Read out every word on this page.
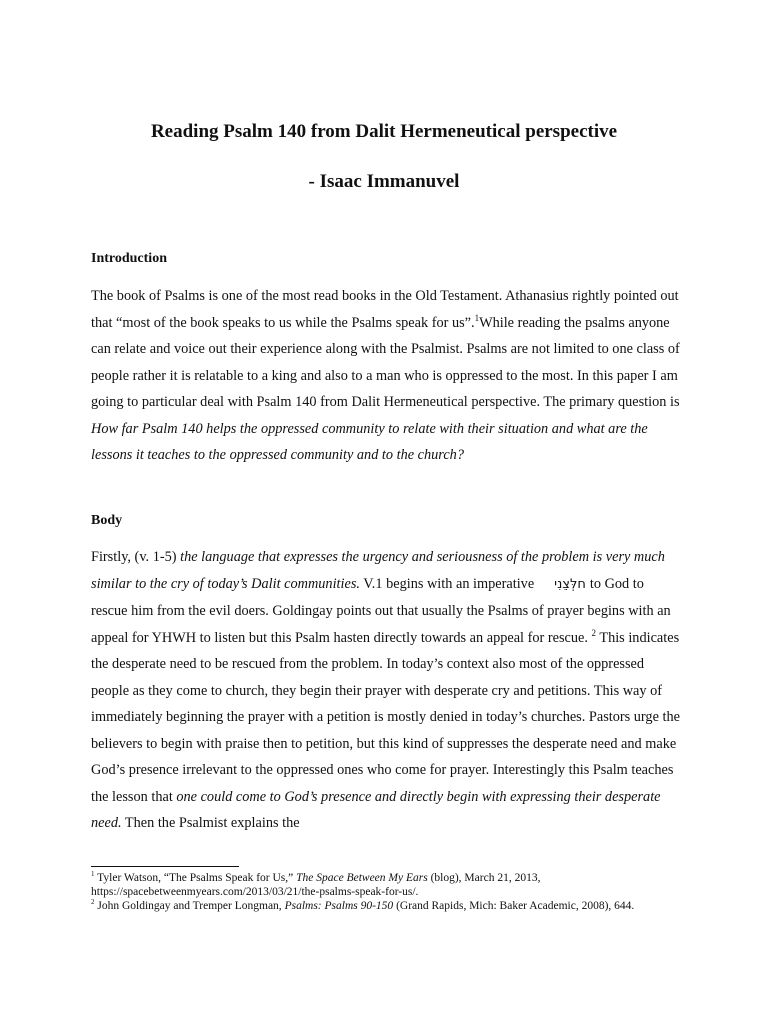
Reading Psalm 140 from Dalit Hermeneutical perspective
- Isaac Immanuvel
Introduction

The book of Psalms is one of the most read books in the Old Testament. Athanasius rightly pointed out that “most of the book speaks to us while the Psalms speak for us”.$^1$While reading the psalms anyone can relate and voice out their experience along with the Psalmist. Psalms are not limited to one class of people rather it is relatable to a king and also to a man who is oppressed to the most. In this paper I am going to particular deal with Psalm 140 from Dalit Hermeneutical perspective. The primary question is How far Psalm 140 helps the oppressed community to relate with their situation and what are the lessons it teaches to the oppressed community and to the church?

Body

Firstly, (v. 1-5) the language that expresses the urgency and seriousness of the problem is very much similar to the cry of today’s Dalit communities. V.1 begins with an imperative חלְּצֵנִי to God to rescue him from the evil doers. Goldingay points out that usually the Psalms of prayer begins with an appeal for YHWH to listen but this Psalm hasten directly towards an appeal for rescue. $^2$ This indicates the desperate need to be rescued from the problem. In today’s context also most of the oppressed people as they come to church, they begin their prayer with desperate cry and petitions. This way of immediately beginning the prayer with a petition is mostly denied in today’s churches. Pastors urge the believers to begin with praise then to petition, but this kind of suppresses the desperate need and make God’s presence irrelevant to the oppressed ones who come for prayer. Interestingly this Psalm teaches the lesson that one could come to God’s presence and directly begin with expressing their desperate need. Then the Psalmist explains the

$^1$ Tyler Watson, “The Psalms Speak for Us,” The Space Between My Ears (blog), March 21, 2013, https://spacebetweenmyears.com/2013/03/21/the-psalms-speak-for-us/.

$^2$ John Goldingay and Tremper Longman, Psalms: Psalms 90-150 (Grand Rapids, Mich: Baker Academic, 2008), 644.
